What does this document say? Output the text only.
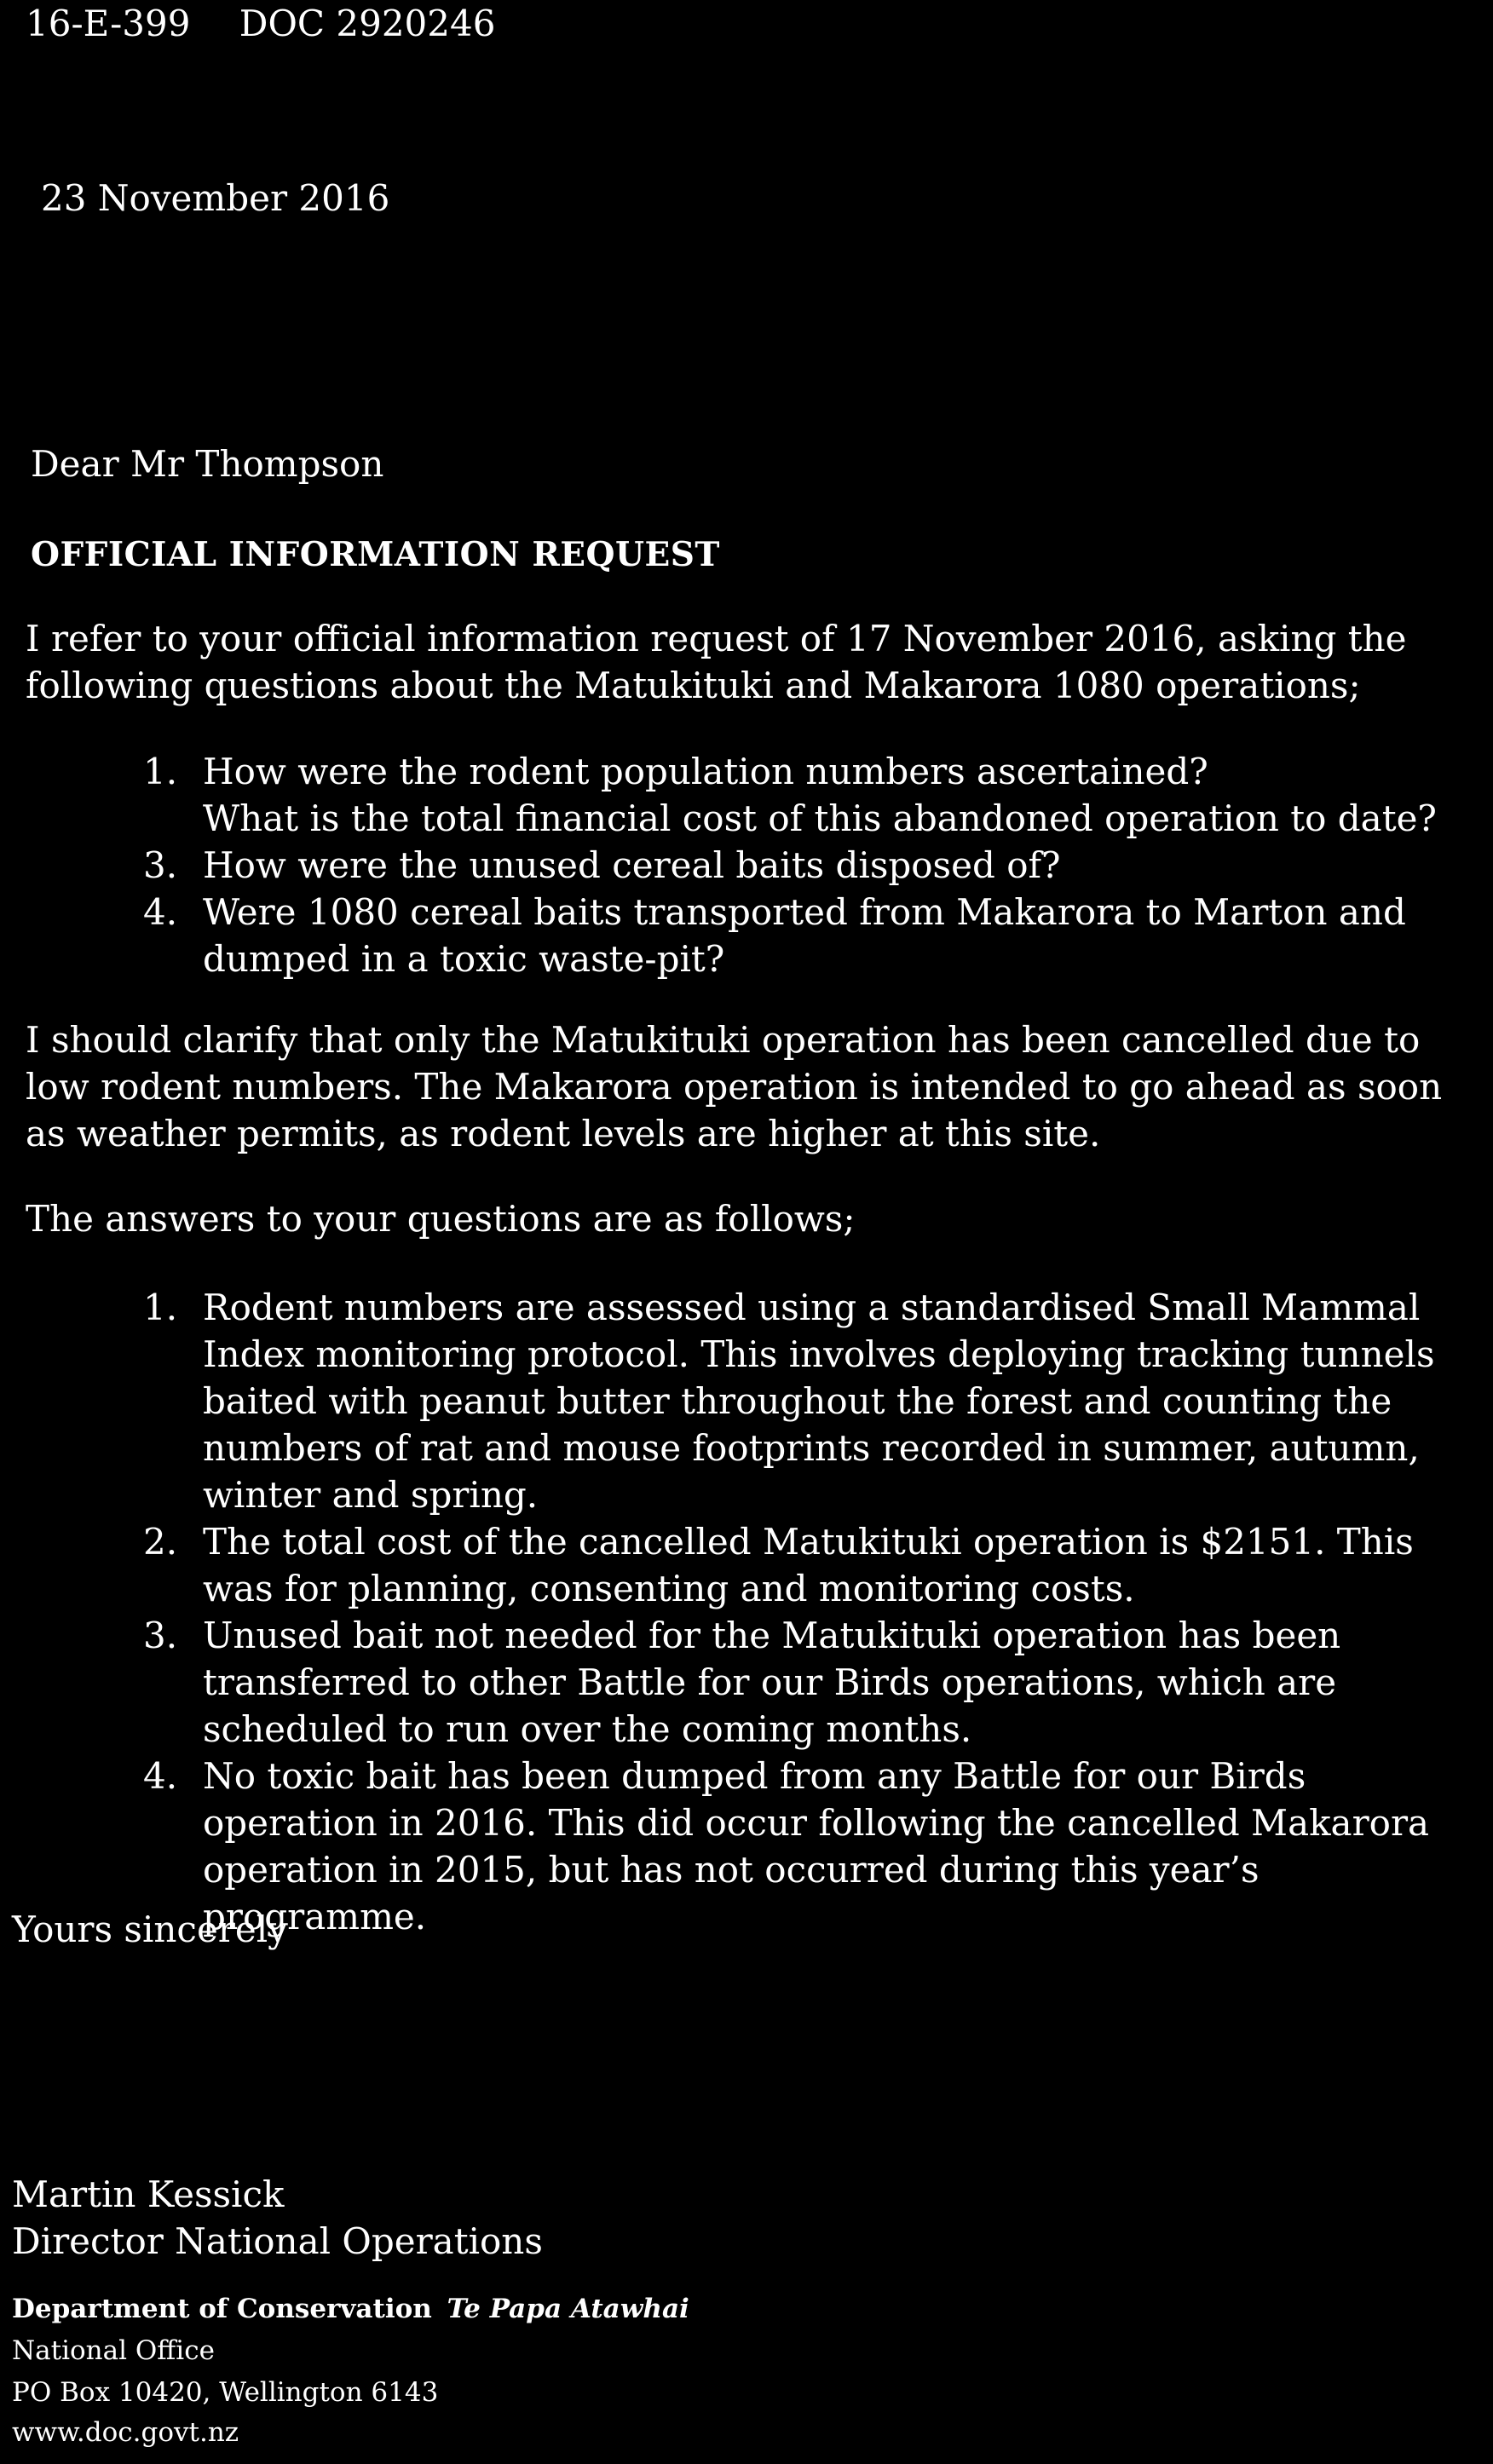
16-E-399 DOC 2920246
23 November 2016
Dear Mr Thompson
OFFICIAL INFORMATION REQUEST
I refer to your official information request of 17 November 2016, asking the following questions about the Matukituki and Makarora 1080 operations;
1. How were the rodent population numbers ascertained?
What is the total financial cost of this abandoned operation to date?
3. How were the unused cereal baits disposed of?
4. Were 1080 cereal baits transported from Makarora to Marton and dumped in a toxic waste-pit?
I should clarify that only the Matukituki operation has been cancelled due to low rodent numbers. The Makarora operation is intended to go ahead as soon as weather permits, as rodent levels are higher at this site.
The answers to your questions are as follows;
1. Rodent numbers are assessed using a standardised Small Mammal Index monitoring protocol. This involves deploying tracking tunnels baited with peanut butter throughout the forest and counting the numbers of rat and mouse footprints recorded in summer, autumn, winter and spring.
2. The total cost of the cancelled Matukituki operation is $2151. This was for planning, consenting and monitoring costs.
3. Unused bait not needed for the Matukituki operation has been transferred to other Battle for our Birds operations, which are scheduled to run over the coming months.
4. No toxic bait has been dumped from any Battle for our Birds operation in 2016. This did occur following the cancelled Makarora operation in 2015, but has not occurred during this year’s programme.
Yours sincerely
Martin Kessick
Director National Operations
Department of Conservation Te Papa Atawhai
National Office
PO Box 10420, Wellington 6143
www.doc.govt.nz
